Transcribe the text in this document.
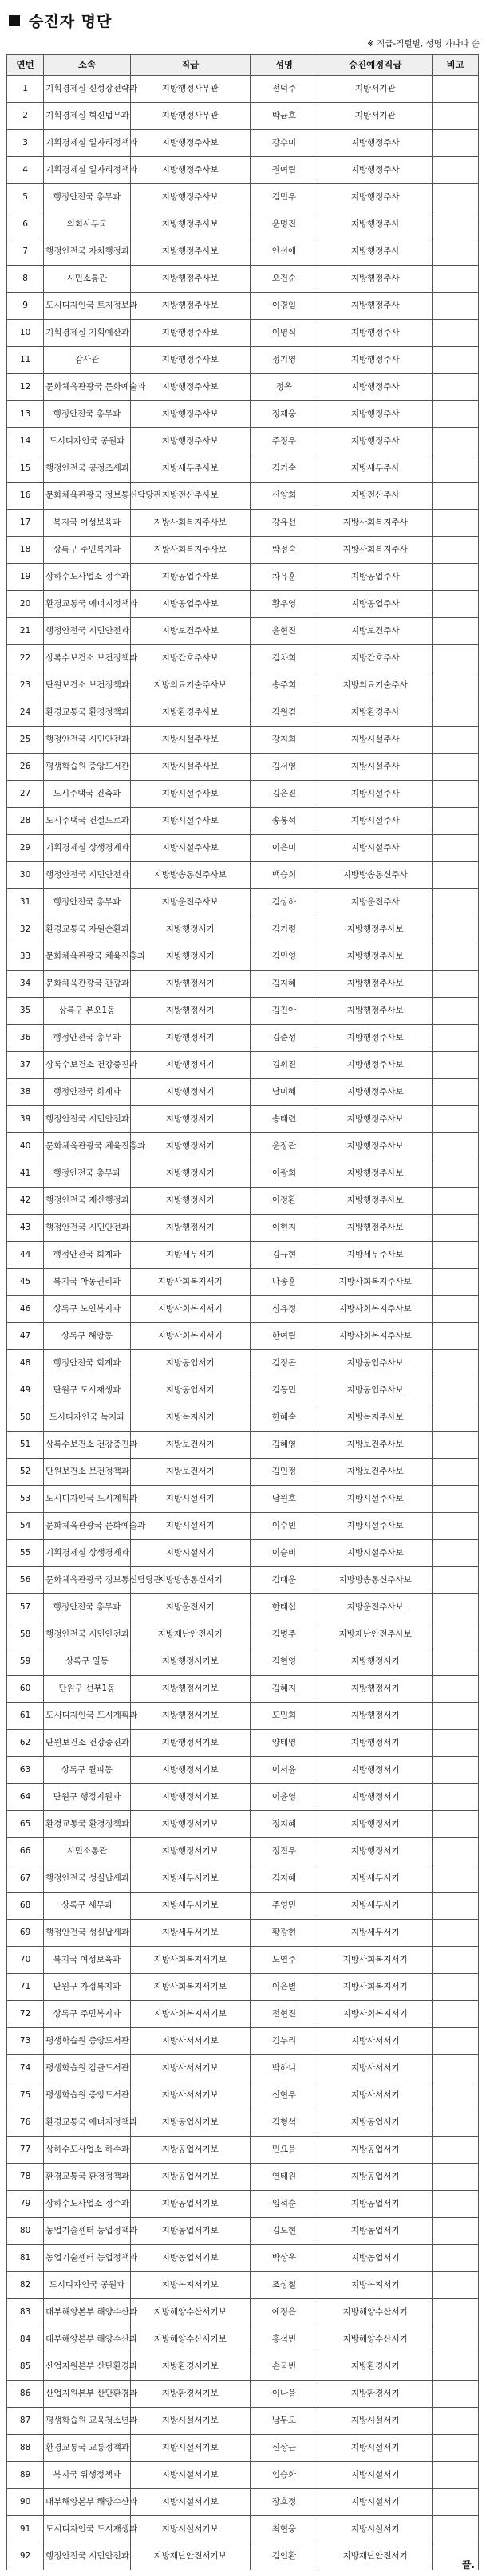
승진자 명단
※ 직급-직렬별, 성명 가나다 순
연번	소속	직급	성명	승진예정직급	비고
1	기획경제실 신성장전략과	지방행정사무관	전덕주	지방서기관	
2	기획경제실 혁신법무과	지방행정사무관	박균호	지방서기관	
3	기획경제실 일자리정책과	지방행정주사보	강수미	지방행정주사	
4	기획경제실 일자리정책과	지방행정주사보	권여림	지방행정주사	
5	행정안전국 총무과	지방행정주사보	김민우	지방행정주사	
6	의회사무국	지방행정주사보	운명진	지방행정주사	
7	행정안전국 자치행정과	지방행정주사보	안선애	지방행정주사	
8	시민소통관	지방행정주사보	오건순	지방행정주사	
9	도시디자인국 토지정보과	지방행정주사보	이경임	지방행정주사	
10	기획경제실 기획예산과	지방행정주사보	이명식	지방행정주사	
11	감사관	지방행정주사보	정기영	지방행정주사	
12	문화체육관광국 문화예술과	지방행정주사보	정옥	지방행정주사	
13	행정안전국 총무과	지방행정주사보	정재웅	지방행정주사	
14	도시디자인국 공원과	지방행정주사보	주정우	지방행정주사	
15	행정안전국 공정조세과	지방세무주사보	김기숙	지방세무주사	
16	문화체육관광국 정보통신담당관	지방전산주사보	신양희	지방전산주사	
17	복지국 여성보육과	지방사회복지주사보	강유선	지방사회복지주사	
18	상록구 주민복지과	지방사회복지주사보	박정숙	지방사회복지주사	
19	상하수도사업소 정수과	지방공업주사보	차유훈	지방공업주사	
20	환경교통국 에너지정책과	지방공업주사보	황우영	지방공업주사	
21	행정안전국 시민안전과	지방보건주사보	윤현진	지방보건주사	
22	상록수보건소 보건정책과	지방간호주사보	김차희	지방간호주사	
23	단원보건소 보건정책과	지방의료기술주사보	송주희	지방의료기술주사	
24	환경교통국 환경정책과	지방환경주사보	김원겸	지방환경주사	
25	행정안전국 시민안전과	지방시설주사보	강지희	지방시설주사	
26	평생학습원 중앙도서관	지방시설주사보	김서영	지방시설주사	
27	도시주택국 건축과	지방시설주사보	김은진	지방시설주사	
28	도시주택국 건설도로과	지방시설주사보	송봉석	지방시설주사	
29	기획경제실 상생경제과	지방시설주사보	이은미	지방시설주사	
30	행정안전국 시민안전과	지방방송통신주사보	백승희	지방방송통신주사	
31	행정안전국 총무과	지방운전주사보	김상하	지방운전주사	
32	환경교통국 자원순환과	지방행정서기	김기령	지방행정주사보	
33	문화체육관광국 체육진흥과	지방행정서기	김민영	지방행정주사보	
34	문화체육관광국 관광과	지방행정서기	김지혜	지방행정주사보	
35	상록구 본오1동	지방행정서기	김진아	지방행정주사보	
36	행정안전국 총무과	지방행정서기	김준성	지방행정주사보	
37	상록수보건소 건강증진과	지방행정서기	김휘진	지방행정주사보	
38	행정안전국 회계과	지방행정서기	남미혜	지방행정주사보	
39	행정안전국 시민안전과	지방행정서기	송태련	지방행정주사보	
40	문화체육관광국 체육진흥과	지방행정서기	운장관	지방행정주사보	
41	행정안전국 총무과	지방행정서기	이광희	지방행정주사보	
42	행정안전국 재산행정과	지방행정서기	이정환	지방행정주사보	
43	행정안전국 시민안전과	지방행정서기	이현지	지방행정주사보	
44	행정안전국 회계과	지방세무서기	김규현	지방세무주사보	
45	복지국 아동권리과	지방사회복지서기	나종훈	지방사회복지주사보	
46	상록구 노인복지과	지방사회복지서기	심유정	지방사회복지주사보	
47	상록구 해양동	지방사회복지서기	한여림	지방사회복지주사보	
48	행정안전국 회계과	지방공업서기	김정곤	지방공업주사보	
49	단원구 도시재생과	지방공업서기	김동민	지방공업주사보	
50	도시디자인국 녹지과	지방녹지서기	한혜숙	지방녹지주사보	
51	상록수보건소 건강증진과	지방보건서기	김혜영	지방보건주사보	
52	단원보건소 보건정책과	지방보건서기	김민정	지방보건주사보	
53	도시디자인국 도시계획과	지방시설서기	남원호	지방시설주사보	
54	문화체육관광국 문화예술과	지방시설서기	이수빈	지방시설주사보	
55	기획경제실 상생경제과	지방시설서기	이슬비	지방시설주사보	
56	문화체육관광국 정보통신담당관	지방방송통신서기	김대운	지방방송통신주사보	
57	행정안전국 총무과	지방운전서기	한태섭	지방운전주사보	
58	행정안전국 시민안전과	지방재난안전서기	김병주	지방재난안전주사보	
59	상록구 일동	지방행정서기보	김현영	지방행정서기	
60	단원구 선부1동	지방행정서기보	김혜지	지방행정서기	
61	도시디자인국 도시계획과	지방행정서기보	도민희	지방행정서기	
62	단원보건소 건강증진과	지방행정서기보	양태영	지방행정서기	
63	상록구 월피동	지방행정서기보	이서윤	지방행정서기	
64	단원구 행정지원과	지방행정서기보	이윤영	지방행정서기	
65	환경교통국 환경정책과	지방행정서기보	정지혜	지방행정서기	
66	시민소통관	지방행정서기보	정진우	지방행정서기	
67	행정안전국 성실납세과	지방세무서기보	김지혜	지방세무서기	
68	상록구 세무과	지방세무서기보	주영민	지방세무서기	
69	행정안전국 성실납세과	지방세무서기보	황광현	지방세무서기	
70	복지국 여성보육과	지방사회복지서기보	도연주	지방사회복지서기	
71	단원구 가정복지과	지방사회복지서기보	이은별	지방사회복지서기	
72	상록구 주민복지과	지방사회복지서기보	전현진	지방사회복지서기	
73	평생학습원 중앙도서관	지방사서서기보	김누리	지방사서서기	
74	평생학습원 감골도서관	지방사서서기보	박하니	지방사서서기	
75	평생학습원 중앙도서관	지방사서서기보	신현우	지방사서서기	
76	환경교통국 에너지정책과	지방공업서기보	김형석	지방공업서기	
77	상하수도사업소 하수과	지방공업서기보	민요을	지방공업서기	
78	환경교통국 환경정책과	지방공업서기보	연태원	지방공업서기	
79	상하수도사업소 정수과	지방공업서기보	임석순	지방공업서기	
80	농업기술센터 농업정책과	지방농업서기보	김도현	지방농업서기	
81	농업기술센터 농업정책과	지방농업서기보	박상욱	지방농업서기	
82	도시디자인국 공원과	지방녹지서기보	조상철	지방녹지서기	
83	대부해양본부 해양수산과	지방해양수산서기보	예정은	지방해양수산서기	
84	대부해양본부 해양수산과	지방해양수산서기보	홍석빈	지방해양수산서기	
85	산업지원본부 산단환경과	지방환경서기보	손국빈	지방환경서기	
86	산업지원본부 산단환경과	지방환경서기보	이나율	지방환경서기	
87	평생학습원 교육청소년과	지방시설서기보	남두모	지방시설서기	
88	환경교통국 교통정책과	지방시설서기보	신상근	지방시설서기	
89	복지국 위생정책과	지방시설서기보	임승화	지방시설서기	
90	대부해양본부 해양수산과	지방시설서기보	장호정	지방시설서기	
91	도시디자인국 도시재생과	지방시설서기보	최현웅	지방시설서기	
92	행정안전국 시민안전과	지방재난안전서기보	김인환	지방재난안전서기	
끝.
